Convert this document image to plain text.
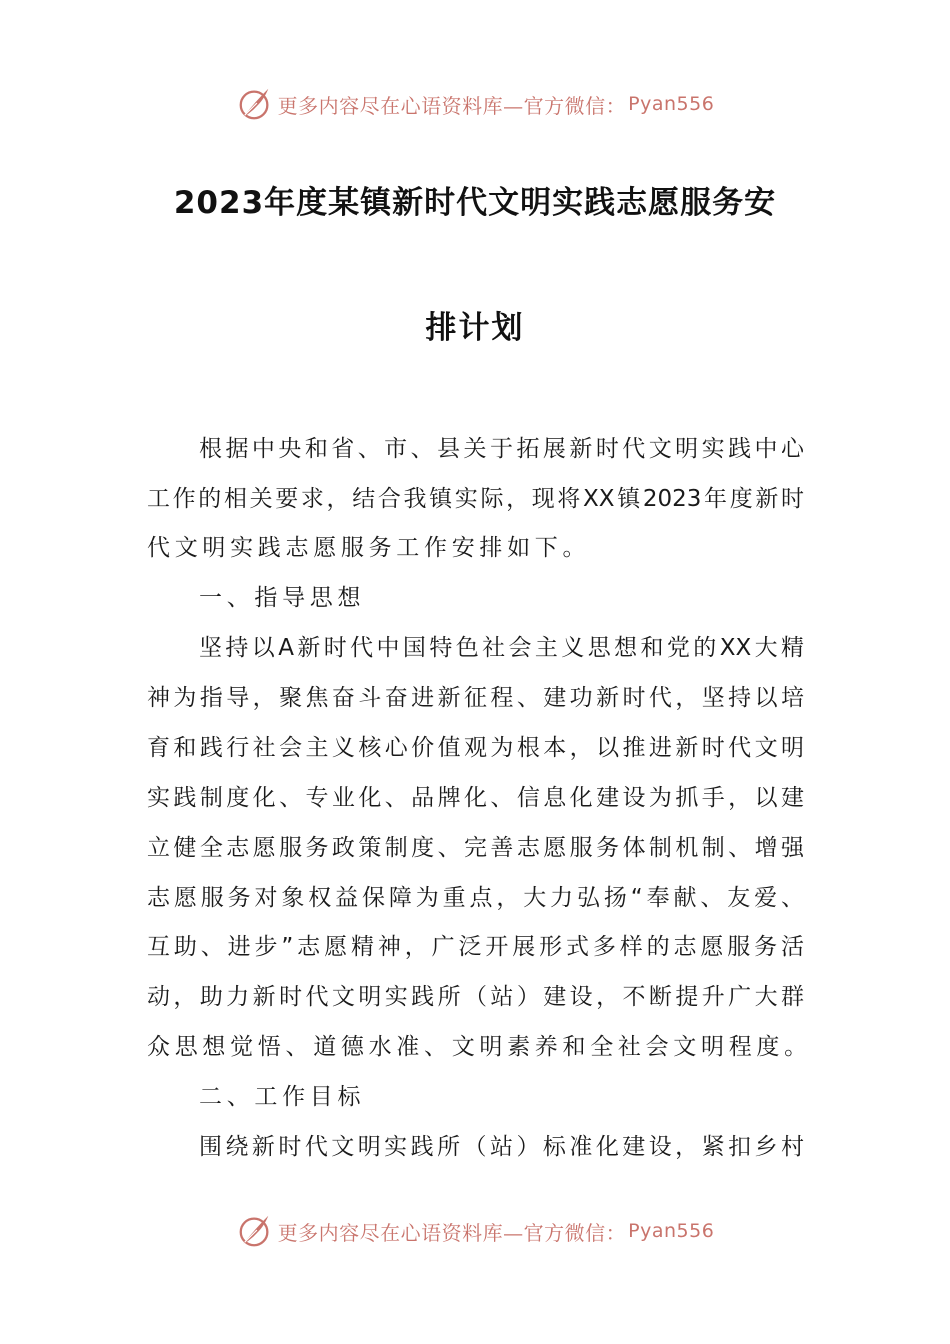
更多内容尽在心语资料库—官方微信： Pyan556
2023年度某镇新时代文明实践志愿服务安
排计划
根据中央和省、市、县关于拓展新时代文明实践中心
工作的相关要求，结合我镇实际，现将XX镇2023年度新时
代文明实践志愿服务工作安排如下。
一、指导思想
坚持以A新时代中国特色社会主义思想和党的XX大精
神为指导，聚焦奋斗奋进新征程、建功新时代，坚持以培
育和践行社会主义核心价值观为根本，以推进新时代文明
实践制度化、专业化、品牌化、信息化建设为抓手，以建
立健全志愿服务政策制度、完善志愿服务体制机制、增强
志愿服务对象权益保障为重点，大力弘扬“奉献、友爱、
互助、进步”志愿精神，广泛开展形式多样的志愿服务活
动，助力新时代文明实践所（站）建设，不断提升广大群
众思想觉悟、道德水准、文明素养和全社会文明程度。
二、工作目标
围绕新时代文明实践所（站）标准化建设，紧扣乡村
更多内容尽在心语资料库—官方微信： Pyan556
